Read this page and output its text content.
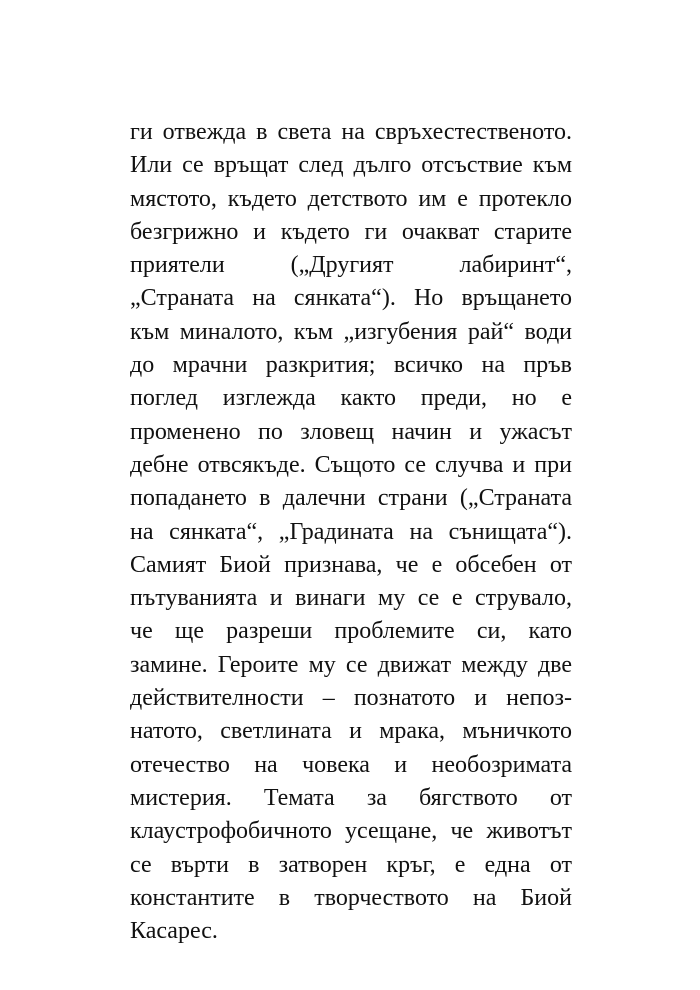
ги отвежда в света на свръхестественото.
Или се връщат след дълго отсъствие към
мястото, където детството им е протекло
безгрижно и където ги очакват старите
приятели („Другият лабиринт“,
„Страната на сянката“). Но връщането
към миналото, към „изгубения рай“ води
до мрачни разкрития; всичко на пръв
поглед изглежда както преди, но е
променено по зловещ начин и ужасът
дебне отвсякъде. Същото се случва и при
попадането в далечни страни („Страната
на сянката“, „Градината на сънищата“).
Самият Биой признава, че е обсебен от
пътуванията и винаги му се е струвало,
че ще разреши проблемите си, като
замине. Героите му се движат между две
действителности – познатото и непоз-
натото, светлината и мрака, мъничкото
отечество на човека и необозримата
мистерия. Темата за бягството от
клаустрофобичното усещане, че животът
се върти в затворен кръг, е една от
константите в творчеството на Биой
Касарес.
